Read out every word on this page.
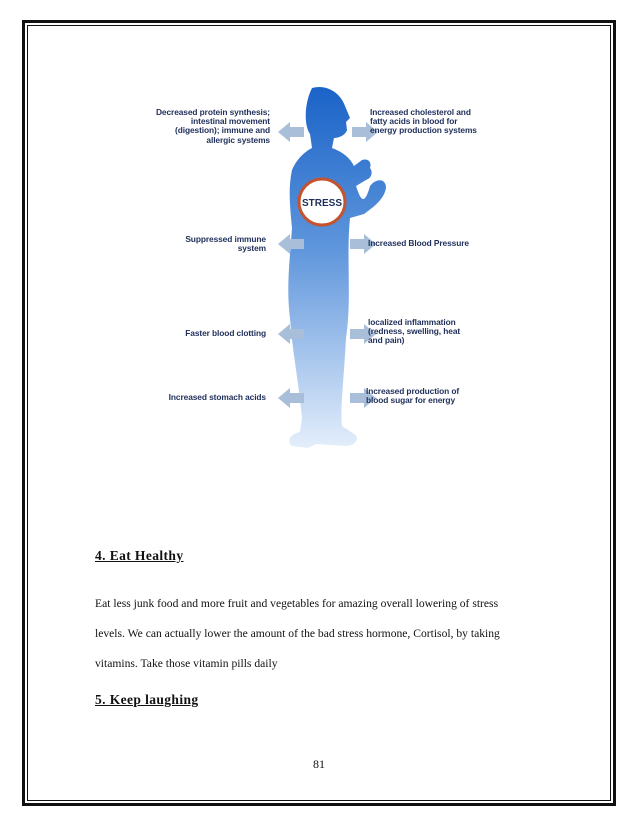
STRESS
Decreased protein synthesis;
intestinal movement
(digestion); immune and
allergic systems
Suppressed immune
system
Faster blood clotting
Increased stomach acids
Increased cholesterol and
fatty acids in blood for
energy production systems
Increased Blood Pressure
localized inflammation
(redness, swelling, heat
and pain)
Increased production of
blood sugar for energy
4. Eat Healthy

Eat less junk food and more fruit and vegetables for amazing overall lowering of stress

levels. We can actually lower the amount of the bad stress hormone, Cortisol, by taking

vitamins. Take those vitamin pills daily

5. Keep laughing
81
